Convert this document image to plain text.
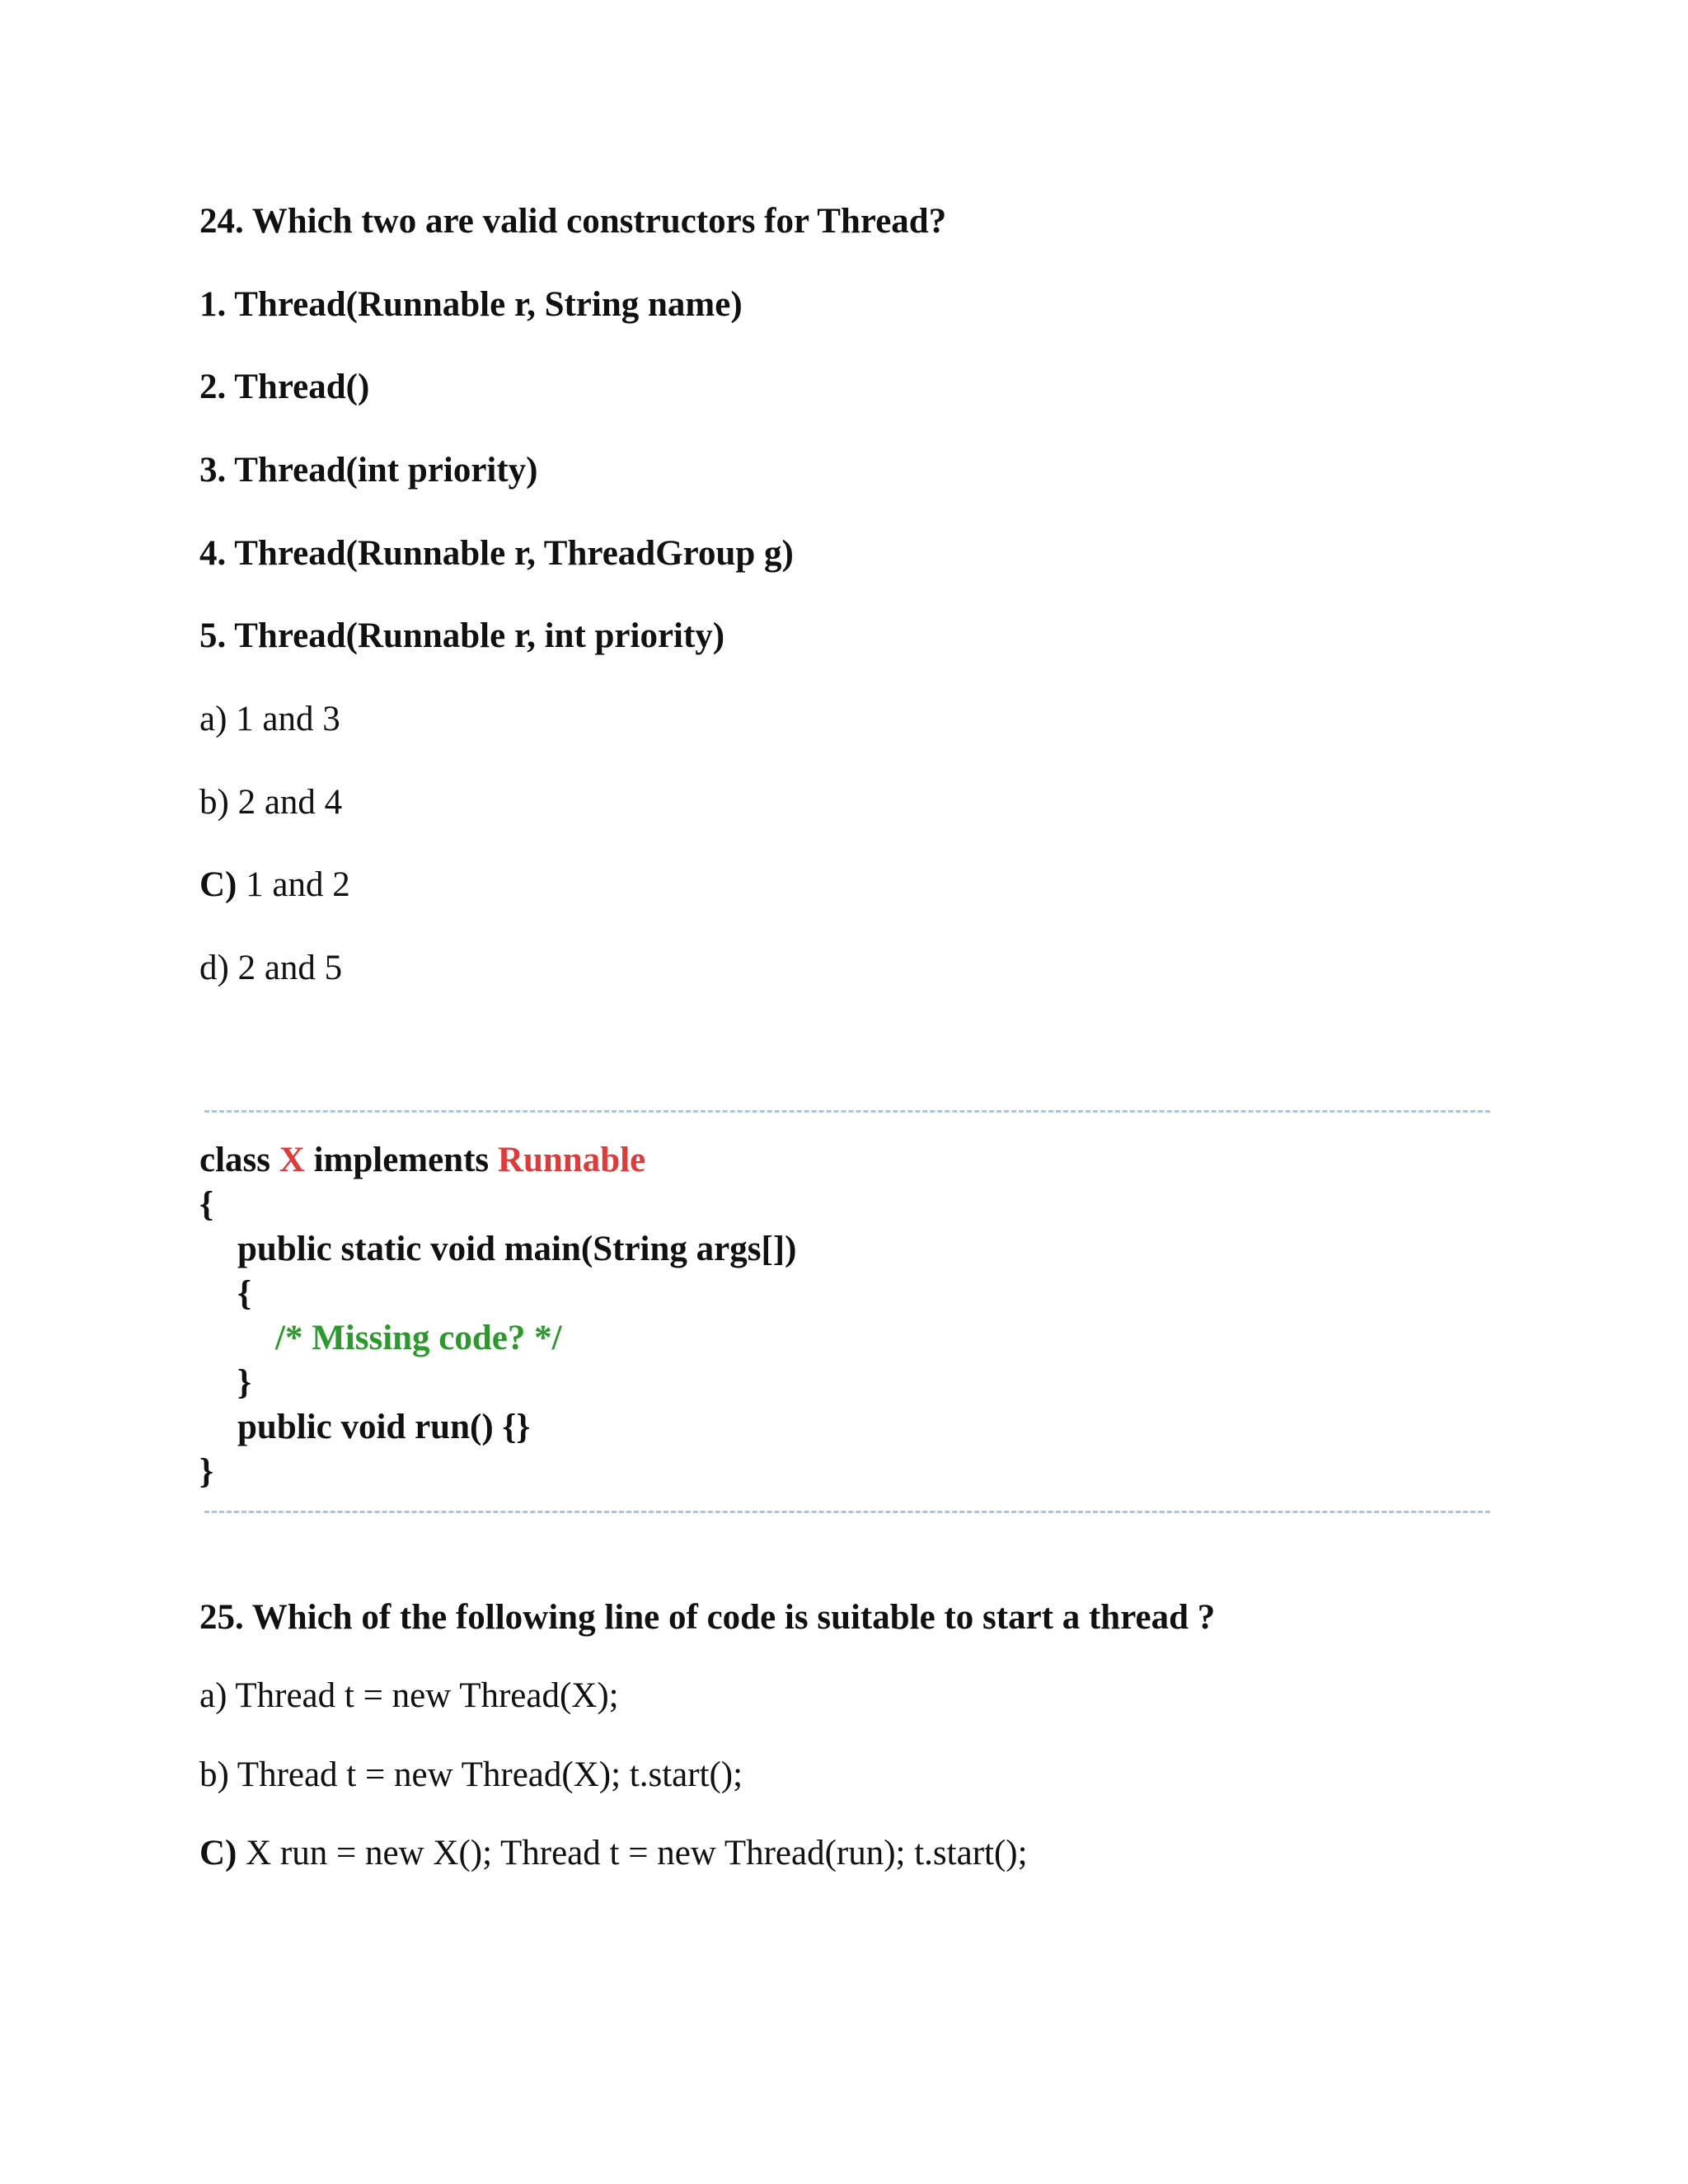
24. Which two are valid constructors for Thread?
1. Thread(Runnable r, String name)
2. Thread()
3. Thread(int priority)
4. Thread(Runnable r, ThreadGroup g)
5. Thread(Runnable r, int priority)
a) 1 and 3
b) 2 and 4
C) 1 and 2
d) 2 and 5
class X implements Runnable
{
public static void main(String args[])
{
/* Missing code? */
}
public void run() {}
}
25. Which of the following line of code is suitable to start a thread ?
a) Thread t = new Thread(X);
b) Thread t = new Thread(X); t.start();
C) X run = new X(); Thread t = new Thread(run); t.start();
